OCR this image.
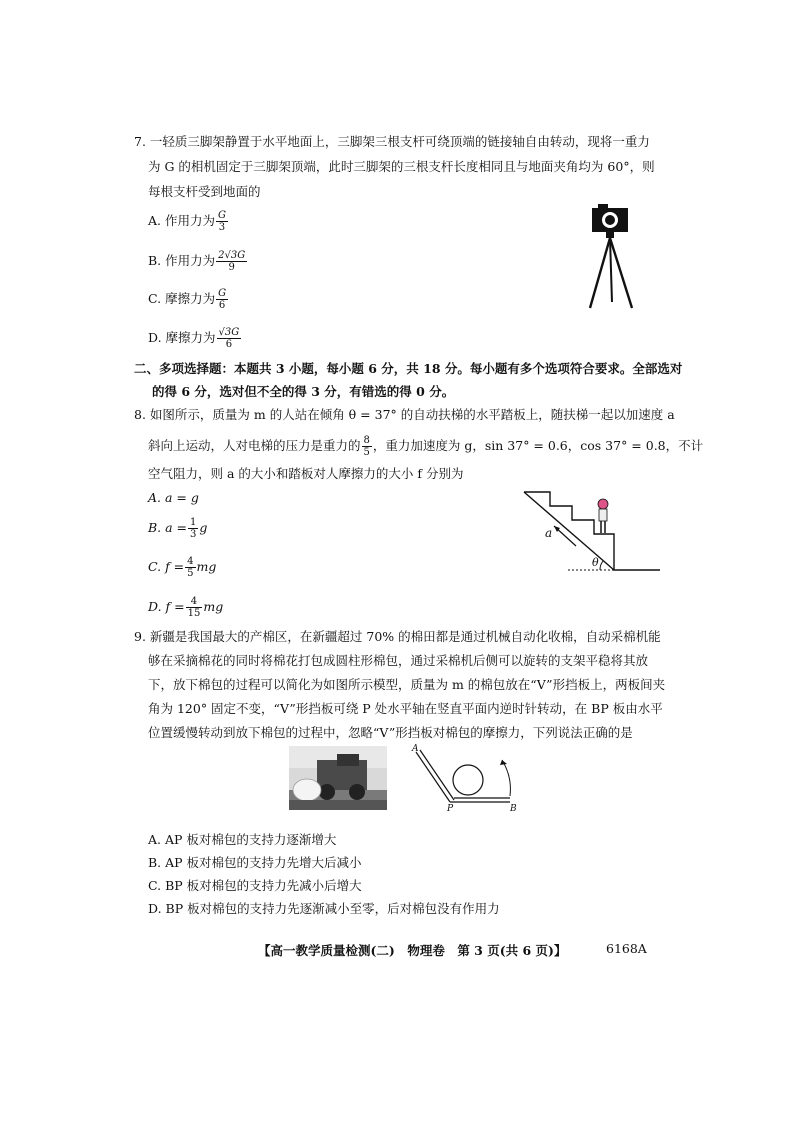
7. 一轻质三脚架静置于水平地面上，三脚架三根支杆可绕顶端的链接轴自由转动，现将一重力
为 G 的相机固定于三脚架顶端，此时三脚架的三根支杆长度相同且与地面夹角均为 60°，则
每根支杆受到地面的
A. 作用力为 $\frac{G}{3}$
B. 作用力为 $\frac{2√3G}{9}$
C. 摩擦力为 $\frac{G}{6}$
D. 摩擦力为 $\frac{√3G}{6}$
二、多项选择题：本题共 3 小题，每小题 6 分，共 18 分。每小题有多个选项符合要求。全部选对
的得 6 分，选对但不全的得 3 分，有错选的得 0 分。
8. 如图所示，质量为 m 的人站在倾角 θ = 37° 的自动扶梯的水平踏板上，随扶梯一起以加速度 a
斜向上运动，人对电梯的压力是重力的 $\frac{8}{5}$ ，重力加速度为 g，sin 37° = 0.6，cos 37° = 0.8，不计
空气阻力，则 a 的大小和踏板对人摩擦力的大小 f 分别为
A. a = g
B. $a = \frac{1}{3}$ g
C. $f = \frac{4}{5}$ mg
D. $f = \frac{4}{15}$ mg
a
θ
9. 新疆是我国最大的产棉区，在新疆超过 70% 的棉田都是通过机械自动化收棉，自动采棉机能
够在采摘棉花的同时将棉花打包成圆柱形棉包，通过采棉机后侧可以旋转的支架平稳将其放
下，放下棉包的过程可以简化为如图所示模型，质量为 m 的棉包放在“V”形挡板上，两板间夹
角为 120° 固定不变，“V”形挡板可绕 P 处水平轴在竖直平面内逆时针转动，在 BP 板由水平
位置缓慢转动到放下棉包的过程中，忽略“V”形挡板对棉包的摩擦力，下列说法正确的是
A
P	B
A. AP 板对棉包的支持力逐渐增大
B. AP 板对棉包的支持力先增大后减小
C. BP 板对棉包的支持力先减小后增大
D. BP 板对棉包的支持力先逐渐减小至零，后对棉包没有作用力
【高一教学质量检测(二)　物理卷　第 3 页(共 6 页)】	6168A
